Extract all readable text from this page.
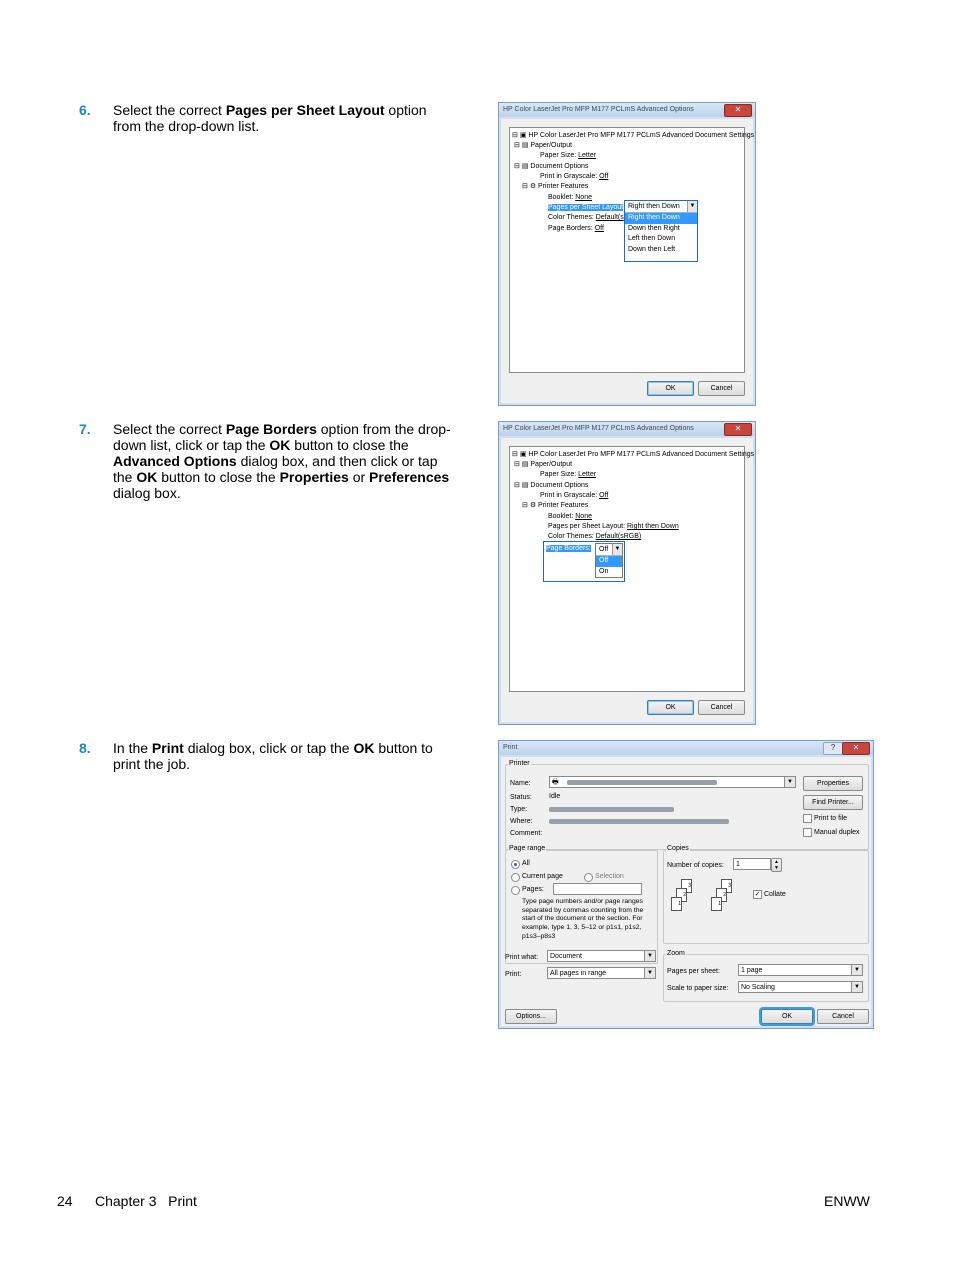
6. Select the correct Pages per Sheet Layout option from the drop-down list.
7. Select the correct Page Borders option from the drop-down list, click or tap the OK button to close the Advanced Options dialog box, and then click or tap the OK button to close the Properties or Preferences dialog box.
8. In the Print dialog box, click or tap the OK button to print the job.
HP Color LaserJet Pro MFP M177 PCLmS Advanced Options	✕
⊟ ▣ HP Color LaserJet Pro MFP M177 PCLmS Advanced Document Settings
⊟ ▤ Paper/Output
Paper Size: Letter
⊟ ▤ Document Options
Print in Grayscale: Off
⊟ ⚙ Printer Features
Booklet: None
Pages per Sheet Layout
Color Themes: Default(s
Page Borders: Off
Right then Down	▼
Right then Down
Down then Right
Left then Down
Down then Left
OK	Cancel
HP Color LaserJet Pro MFP M177 PCLmS Advanced Options	✕
⊟ ▣ HP Color LaserJet Pro MFP M177 PCLmS Advanced Document Settings
⊟ ▤ Paper/Output
Paper Size: Letter
⊟ ▤ Document Options
Print in Grayscale: Off
⊟ ⚙ Printer Features
Booklet: None
Pages per Sheet Layout: Right then Down
Color Themes: Default(sRGB)
Page Borders:	Off	▼
Off
On
OK	Cancel
Print	?	✕
Printer
Name:	🖶	▼	Properties
Status: Idle
Find Printer...
Type:
Print to file
Where:
Manual duplex
Comment:
Page range
All
Current page	Selection
Pages:
Type page numbers and/or page ranges separated by commas counting from the start of the document or the section. For example, type 1, 3, 5–12 or p1s1, p1s2, p1s3–p8s3
Copies
Number of copies:	1	▲
▼
3
2
1
3
2
1
✓ Collate
Print what:	Document	▼
Print:	All pages in range	▼
Zoom
Pages per sheet:	1 page	▼
Scale to paper size:	No Scaling	▼
Options...	OK	Cancel
24 Chapter 3   Print	ENWW
